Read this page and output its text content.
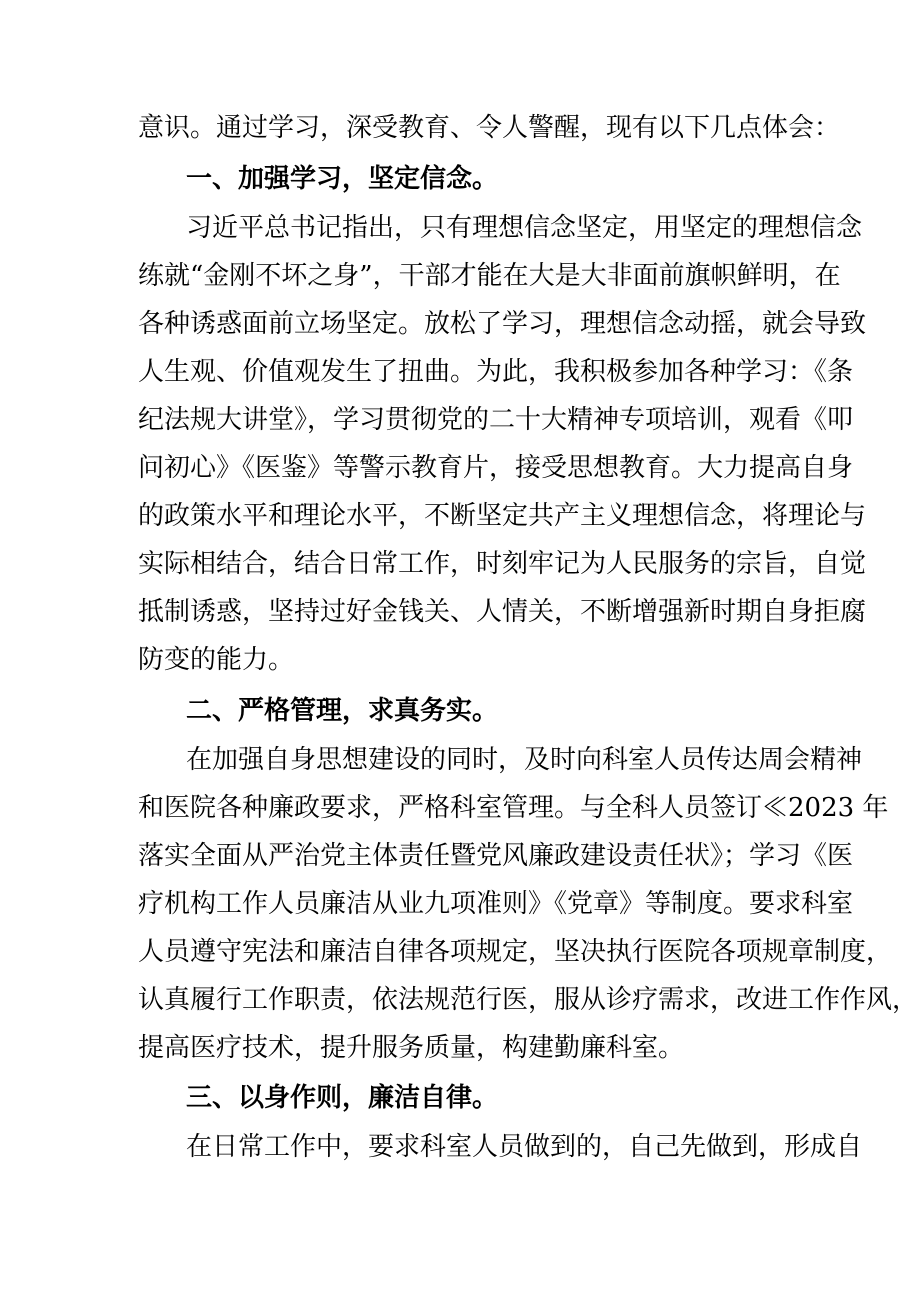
意识。通过学习，深受教育、令人警醒，现有以下几点体会：
一、加强学习，坚定信念。
习近平总书记指出，只有理想信念坚定，用坚定的理想信念
练就“金刚不坏之身”，干部才能在大是大非面前旗帜鲜明，在
各种诱惑面前立场坚定。放松了学习，理想信念动摇，就会导致
人生观、价值观发生了扭曲。为此，我积极参加各种学习：《条
纪法规大讲堂》，学习贯彻党的二十大精神专项培训，观看《叩
问初心》《医鉴》等警示教育片，接受思想教育。大力提高自身
的政策水平和理论水平，不断坚定共产主义理想信念，将理论与
实际相结合，结合日常工作，时刻牢记为人民服务的宗旨，自觉
抵制诱惑，坚持过好金钱关、人情关，不断增强新时期自身拒腐
防变的能力。
二、严格管理，求真务实。
在加强自身思想建设的同时，及时向科室人员传达周会精神
和医院各种廉政要求，严格科室管理。与全科人员签订≪2023 年
落实全面从严治党主体责任暨党风廉政建设责任状》；学习《医
疗机构工作人员廉洁从业九项准则》《党章》等制度。要求科室
人员遵守宪法和廉洁自律各项规定，坚决执行医院各项规章制度，
认真履行工作职责，依法规范行医，服从诊疗需求，改进工作作风，
提高医疗技术，提升服务质量，构建勤廉科室。
三、以身作则，廉洁自律。
在日常工作中，要求科室人员做到的，自己先做到，形成自
